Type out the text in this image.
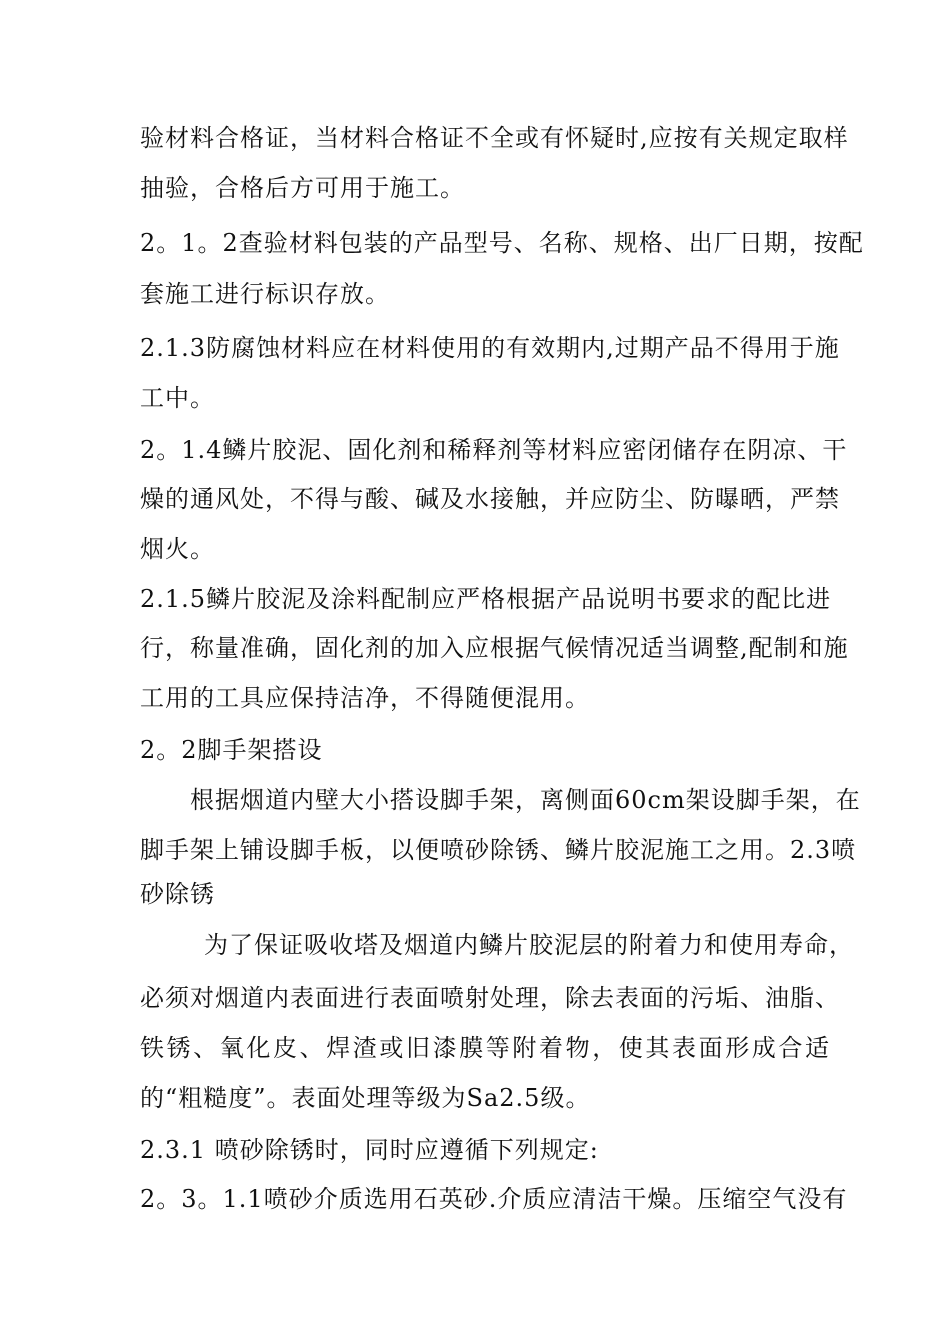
验材料合格证，当材料合格证不全或有怀疑时,应按有关规定取样
抽验，合格后方可用于施工。
2。1。2查验材料包装的产品型号、名称、规格、出厂日期，按配
套施工进行标识存放。
2.1.3防腐蚀材料应在材料使用的有效期内,过期产品不得用于施
工中。
2。1.4鳞片胶泥、固化剂和稀释剂等材料应密闭储存在阴凉、干
燥的通风处，不得与酸、碱及水接触，并应防尘、防曝晒，严禁
烟火。
2.1.5鳞片胶泥及涂料配制应严格根据产品说明书要求的配比进
行，称量准确，固化剂的加入应根据气候情况适当调整,配制和施
工用的工具应保持洁净，不得随便混用。
2。2脚手架搭设
根据烟道内壁大小搭设脚手架，离侧面60cm架设脚手架，在
脚手架上铺设脚手板，以便喷砂除锈、鳞片胶泥施工之用。2.3喷
砂除锈
为了保证吸收塔及烟道内鳞片胶泥层的附着力和使用寿命，
必须对烟道内表面进行表面喷射处理，除去表面的污垢、油脂、
铁锈、氧化皮、焊渣或旧漆膜等附着物，使其表面形成合适
的“粗糙度”。表面处理等级为Sa2.5级。
2.3.1 喷砂除锈时，同时应遵循下列规定:
2。3。1.1喷砂介质选用石英砂.介质应清洁干燥。压缩空气没有
